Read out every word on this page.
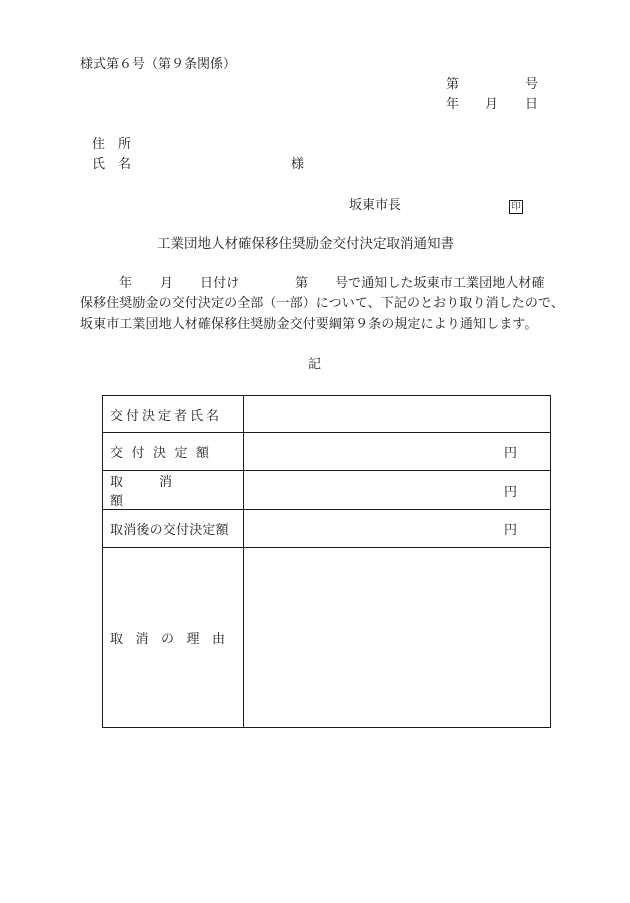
様式第６号（第９条関係）
第	号
年 月 日
住　所
氏　名	様
坂東市長	印
工業団地人材確保移住奨励金交付決定取消通知書
年 月 日付け	第 号で通知した坂東市工業団地人材確
保移住奨励金の交付決定の全部（一部）について、下記のとおり取り消したので、
坂東市工業団地人材確保移住奨励金交付要綱第９条の規定により通知します。
記
交付決定者氏名	

交付決定額	円

取消額	円

取消後の交付決定額	円

取消の理由	
